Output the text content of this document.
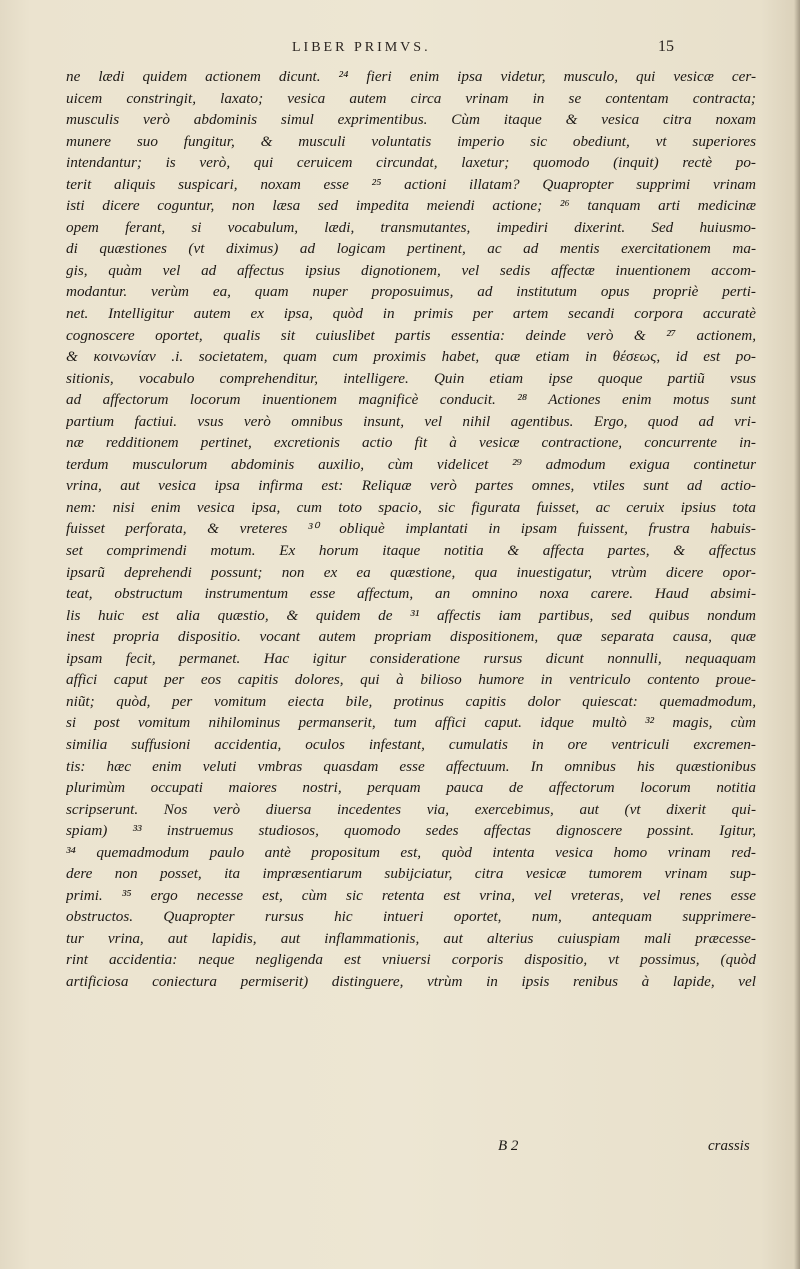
LIBER PRIMVS.	15
ne lædi quidem actionem dicunt. ²⁴ fieri enim ipsa videtur, musculo, qui vesicæ cer-
uicem constringit, laxato; vesica autem circa vrinam in se contentam contracta;
musculis verò abdominis simul exprimentibus. Cùm itaque & vesica citra noxam
munere suo fungitur, & musculi voluntatis imperio sic obediunt, vt superiores
intendantur; is verò, qui ceruicem circundat, laxetur; quomodo (inquit) rectè po-
terit aliquis suspicari, noxam esse ²⁵ actioni illatam? Quapropter supprimi vrinam
isti dicere coguntur, non læsa sed impedita meiendi actione; ²⁶ tanquam arti medicinæ
opem ferant, si vocabulum, lædi, transmutantes, impediri dixerint. Sed huiusmo-
di quæstiones (vt diximus) ad logicam pertinent, ac ad mentis exercitationem ma-
gis, quàm vel ad affectus ipsius dignotionem, vel sedis affectæ inuentionem accom-
modantur. verùm ea, quam nuper proposuimus, ad institutum opus propriè perti-
net. Intelligitur autem ex ipsa, quòd in primis per artem secandi corpora accuratè
cognoscere oportet, qualis sit cuiuslibet partis essentia: deinde verò & ²⁷ actionem,
& κοινωνίαν .i. societatem, quam cum proximis habet, quæ etiam in θέσεως, id est po-
sitionis, vocabulo comprehenditur, intelligere. Quin etiam ipse quoque partiũ vsus
ad affectorum locorum inuentionem magnificè conducit. ²⁸ Actiones enim motus sunt
partium factiui. vsus verò omnibus insunt, vel nihil agentibus. Ergo, quod ad vri-
næ redditionem pertinet, excretionis actio fit à vesicæ contractione, concurrente in-
terdum musculorum abdominis auxilio, cùm videlicet ²⁹ admodum exigua continetur
vrina, aut vesica ipsa infirma est: Reliquæ verò partes omnes, vtiles sunt ad actio-
nem: nisi enim vesica ipsa, cum toto spacio, sic figurata fuisset, ac ceruix ipsius tota
fuisset perforata, & vreteres ³⁰ obliquè implantati in ipsam fuissent, frustra habuis-
set comprimendi motum. Ex horum itaque notitia & affecta partes, & affectus
ipsarũ deprehendi possunt; non ex ea quæstione, qua inuestigatur, vtrùm dicere opor-
teat, obstructum instrumentum esse affectum, an omnino noxa carere. Haud absimi-
lis huic est alia quæstio, & quidem de ³¹ affectis iam partibus, sed quibus nondum
inest propria dispositio. vocant autem propriam dispositionem, quæ separata causa, quæ
ipsam fecit, permanet. Hac igitur consideratione rursus dicunt nonnulli, nequaquam
affici caput per eos capitis dolores, qui à bilioso humore in ventriculo contento proue-
niũt; quòd, per vomitum eiecta bile, protinus capitis dolor quiescat: quemadmodum,
si post vomitum nihilominus permanserit, tum affici caput. idque multò ³² magis, cùm
similia suffusioni accidentia, oculos infestant, cumulatis in ore ventriculi excremen-
tis: hæc enim veluti vmbras quasdam esse affectuum. In omnibus his quæstionibus
plurimùm occupati maiores nostri, perquam pauca de affectorum locorum notitia
scripserunt. Nos verò diuersa incedentes via, exercebimus, aut (vt dixerit qui-
spiam) ³³ instruemus studiosos, quomodo sedes affectas dignoscere possint. Igitur,
³⁴ quemadmodum paulo antè propositum est, quòd intenta vesica homo vrinam red-
dere non posset, ita impræsentiarum subijciatur, citra vesicæ tumorem vrinam sup-
primi. ³⁵ ergo necesse est, cùm sic retenta est vrina, vel vreteras, vel renes esse
obstructos. Quapropter rursus hic intueri oportet, num, antequam supprimere-
tur vrina, aut lapidis, aut inflammationis, aut alterius cuiuspiam mali præcesse-
rint accidentia: neque negligenda est vniuersi corporis dispositio, vt possimus, (quòd
artificiosa coniectura permiserit) distinguere, vtrùm in ipsis renibus à lapide, vel
B 2	crassis
